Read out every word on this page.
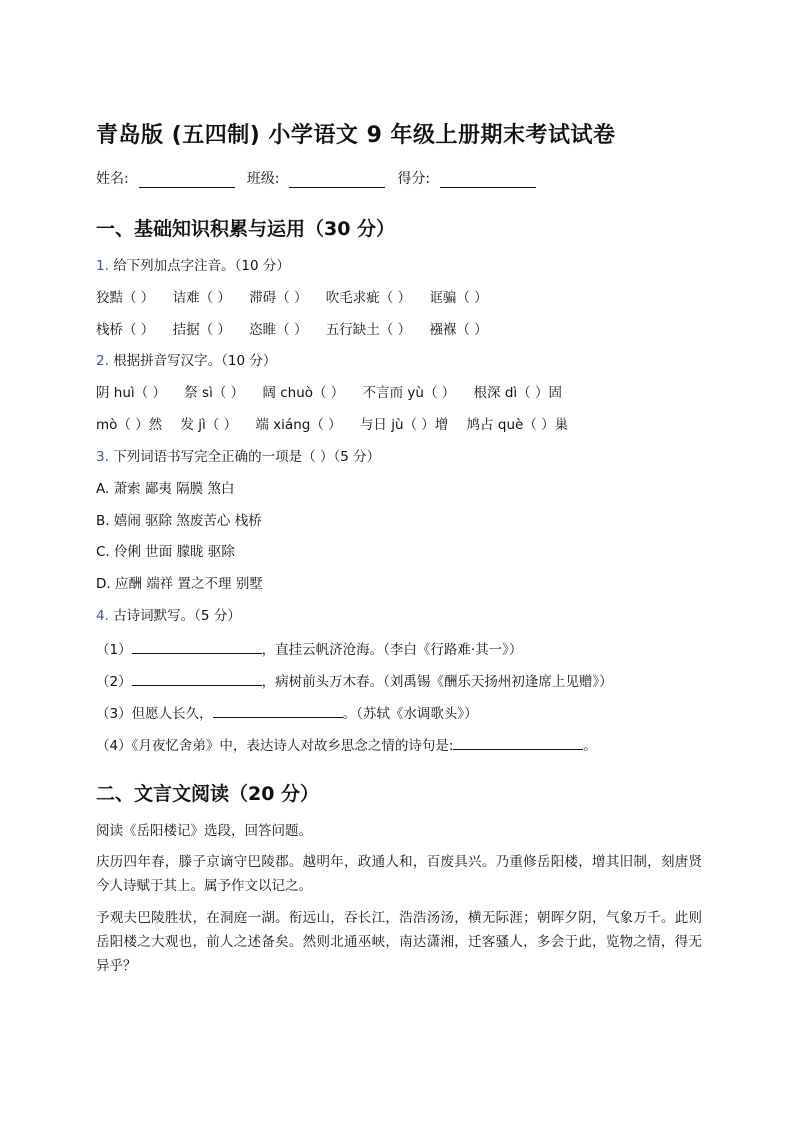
青岛版 (五四制) 小学语文 9 年级上册期末考试试卷
姓名:	班级:	得分:
一、基础知识积累与运用（30 分）
1. 给下列加点字注音。（10 分）
狡黠（ ） 诘难（ ） 滞碍（ ） 吹毛求疵（ ） 诓骗（ ）
栈桥（ ） 拮据（ ） 恣睢（ ） 五行缺土（ ） 襁褓（ ）
2. 根据拼音写汉字。（10 分）
阴 huì（ ） 祭 sì（ ） 阔 chuò（ ） 不言而 yù（ ） 根深 dì（ ）固
mò（ ）然 发 jì（ ） 端 xiáng（ ） 与日 jù（ ）增 鸠占 què（ ）巢
3. 下列词语书写完全正确的一项是（ ）（5 分）
A. 萧索 鄙夷 隔膜 煞白
B. 嬉闹 驱除 煞废苦心 栈桥
C. 伶俐 世面 朦眬 驱除
D. 应酬 端祥 置之不理 别墅
4. 古诗词默写。（5 分）
（1）	，直挂云帆济沧海。（李白《行路难·其一》）
（2）	，病树前头万木春。（刘禹锡《酬乐天扬州初逢席上见赠》）
（3）但愿人长久，	。（苏轼《水调歌头》）
（4）《月夜忆舍弟》中，表达诗人对故乡思念之情的诗句是:	。
二、文言文阅读（20 分）
阅读《岳阳楼记》选段，回答问题。
庆历四年春，滕子京谪守巴陵郡。越明年，政通人和，百废具兴。乃重修岳阳楼，增其旧制，刻唐贤今人诗赋于其上。属予作文以记之。
予观夫巴陵胜状，在洞庭一湖。衔远山，吞长江，浩浩汤汤，横无际涯；朝晖夕阴，气象万千。此则岳阳楼之大观也，前人之述备矣。然则北通巫峡，南达潇湘，迁客骚人，多会于此，览物之情，得无异乎？
